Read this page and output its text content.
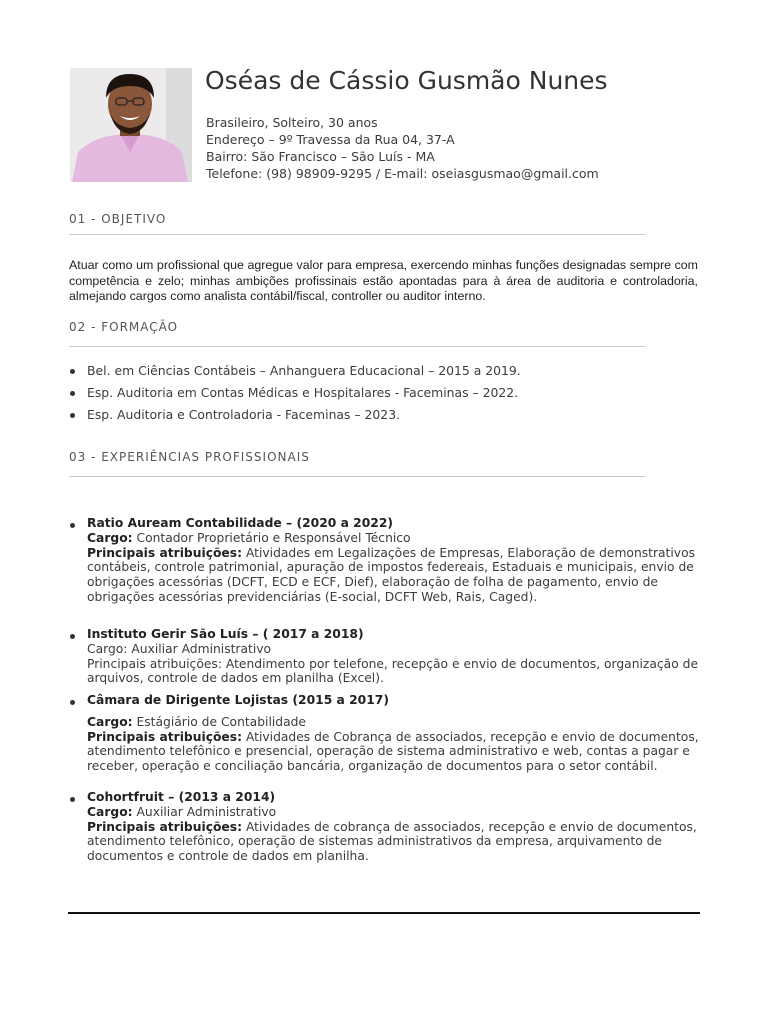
Oséas de Cássio Gusmão Nunes
Brasileiro, Solteiro, 30 anos
Endereço – 9º Travessa da Rua 04, 37-A
Bairro: São Francisco – São Luís - MA
Telefone: (98) 98909-9295 / E-mail: oseiasgusmao@gmail.com
01 - OBJETIVO

Atuar como um profissional que agregue valor para empresa, exercendo minhas funções designadas sempre com competência e zelo; minhas ambições profissinais estão apontadas para à área de auditoria e controladoria, almejando cargos como analista contábil/fiscal, controller ou auditor interno.

02 - FORMAÇÃO
Bel. em Ciências Contábeis – Anhanguera Educacional – 2015 a 2019.
Esp. Auditoria em Contas Médicas e Hospitalares - Faceminas – 2022.
Esp. Auditoria e Controladoria - Faceminas – 2023.
03 - EXPERIÊNCIAS PROFISSIONAIS
Ratio Auream Contabilidade – (2020 a 2022)
Cargo: Contador Proprietário e Responsável Técnico
Principais atribuições: Atividades em Legalizações de Empresas, Elaboração de demonstrativos contábeis, controle patrimonial, apuração de impostos federeais, Estaduais e municipais, envio de obrigações acessórias (DCFT, ECD e ECF, Dief), elaboração de folha de pagamento, envio de obrigações acessórias previdenciárias (E-social, DCFT Web, Rais, Caged).
Instituto Gerir São Luís – ( 2017 a 2018)
Cargo: Auxiliar Administrativo
Principais atribuições: Atendimento por telefone, recepção e envio de documentos, organização de arquivos, controle de dados em planilha (Excel).
Câmara de Dirigente Lojistas (2015 a 2017)
Cargo: Estágiário de Contabilidade
Principais atribuições: Atividades de Cobrança de associados, recepção e envio de documentos, atendimento telefônico e presencial, operação de sistema administrativo e web, contas a pagar e receber, operação e conciliação bancária, organização de documentos para o setor contábil.
Cohortfruit – (2013 a 2014)
Cargo: Auxiliar Administrativo
Principais atribuições: Atividades de cobrança de associados, recepção e envio de documentos, atendimento telefônico, operação de sistemas administrativos da empresa, arquivamento de documentos e controle de dados em planilha.
